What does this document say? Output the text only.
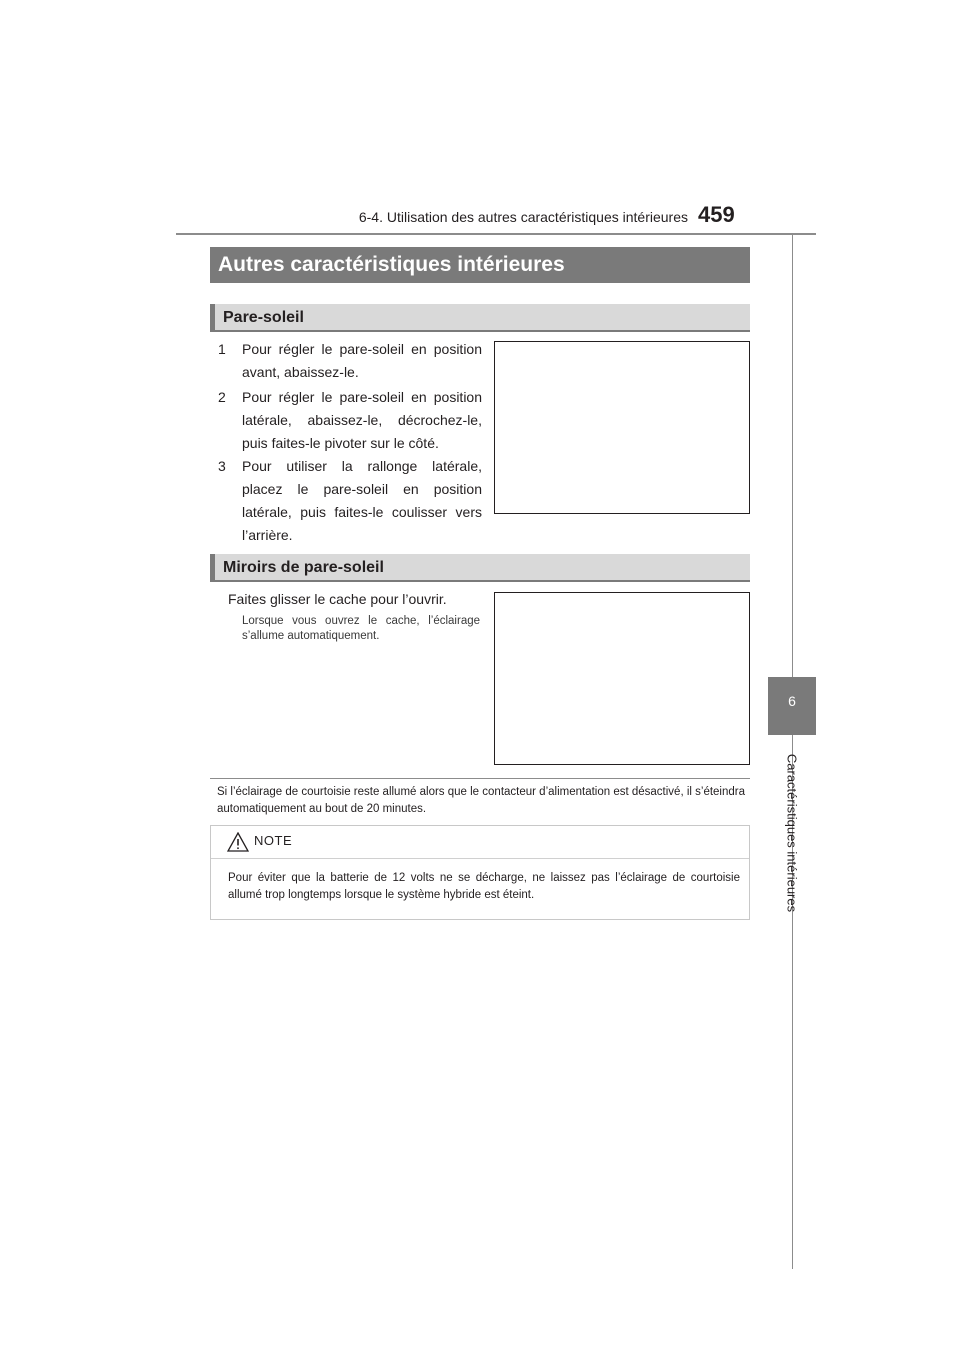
6-4. Utilisation des autres caractéristiques intérieures 459
6
Caractéristiques intérieures
Autres caractéristiques intérieures
Pare-soleil
1 Pour régler le pare-soleil en position avant, abaissez-le.
2 Pour régler le pare-soleil en position latérale, abaissez-le, décrochez-le, puis faites-le pivoter sur le côté.
3 Pour utiliser la rallonge latérale, placez le pare-soleil en position latérale, puis faites-le coulisser vers l’arrière.
Miroirs de pare-soleil
Faites glisser le cache pour l’ouvrir.
Lorsque vous ouvrez le cache, l’éclairage s’allume automatiquement.
Si l’éclairage de courtoisie reste allumé alors que le contacteur d’alimentation est désactivé, il s’éteindra automatiquement au bout de 20 minutes.
NOTE
Pour éviter que la batterie de 12 volts ne se décharge, ne laissez pas l’éclairage de courtoisie allumé trop longtemps lorsque le système hybride est éteint.
